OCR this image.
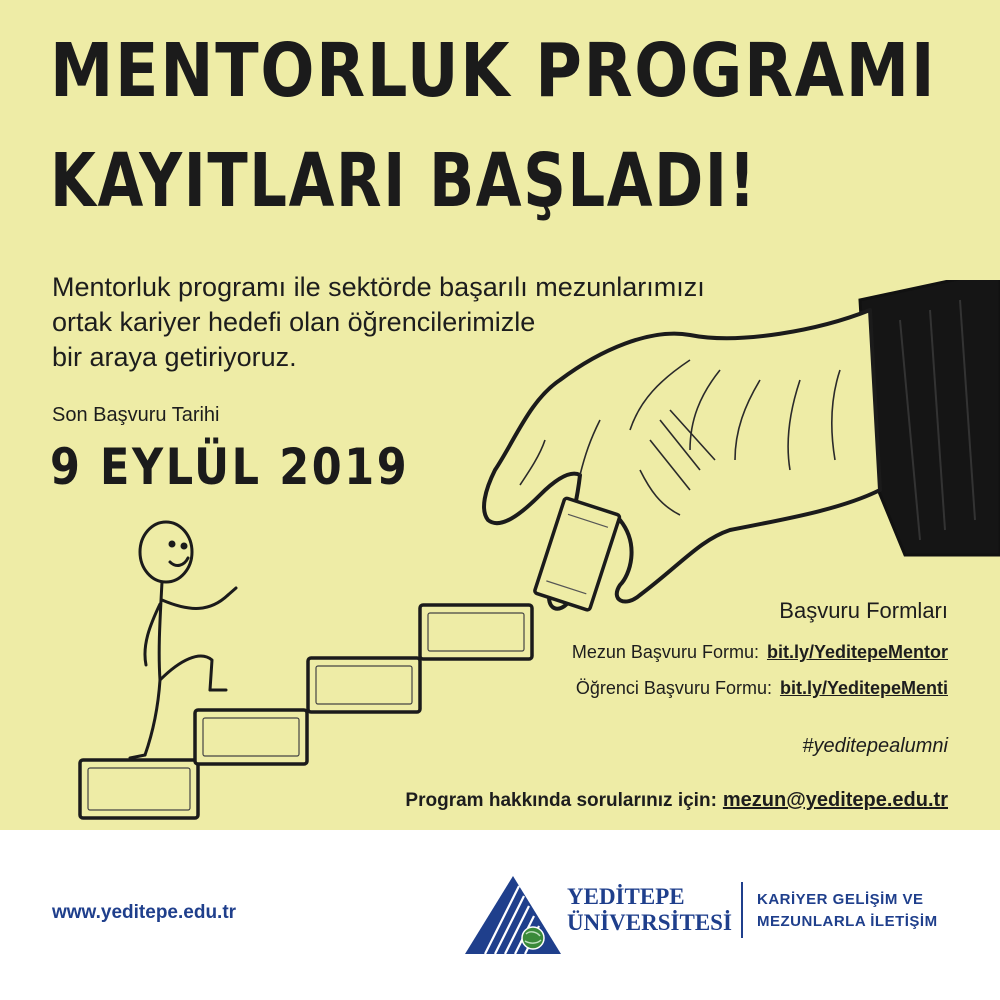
MENTORLUK PROGRAMI
KAYITLARI BAŞLADI!
Mentorluk programı ile sektörde başarılı mezunlarımızı
ortak kariyer hedefi olan öğrencilerimizle
bir araya getiriyoruz.
Son Başvuru Tarihi
9 EYLÜL 2019
Başvuru Formları
Mezun Başvuru Formu: bit.ly/YeditepeMentor
Öğrenci Başvuru Formu: bit.ly/YeditepeMenti
#yeditepealumni
Program hakkında sorularınız için: mezun@yeditepe.edu.tr
www.yeditepe.edu.tr
YEDİTEPE
ÜNİVERSİTESİ
KARİYER GELİŞİM VE
MEZUNLARLA İLETİŞİM
